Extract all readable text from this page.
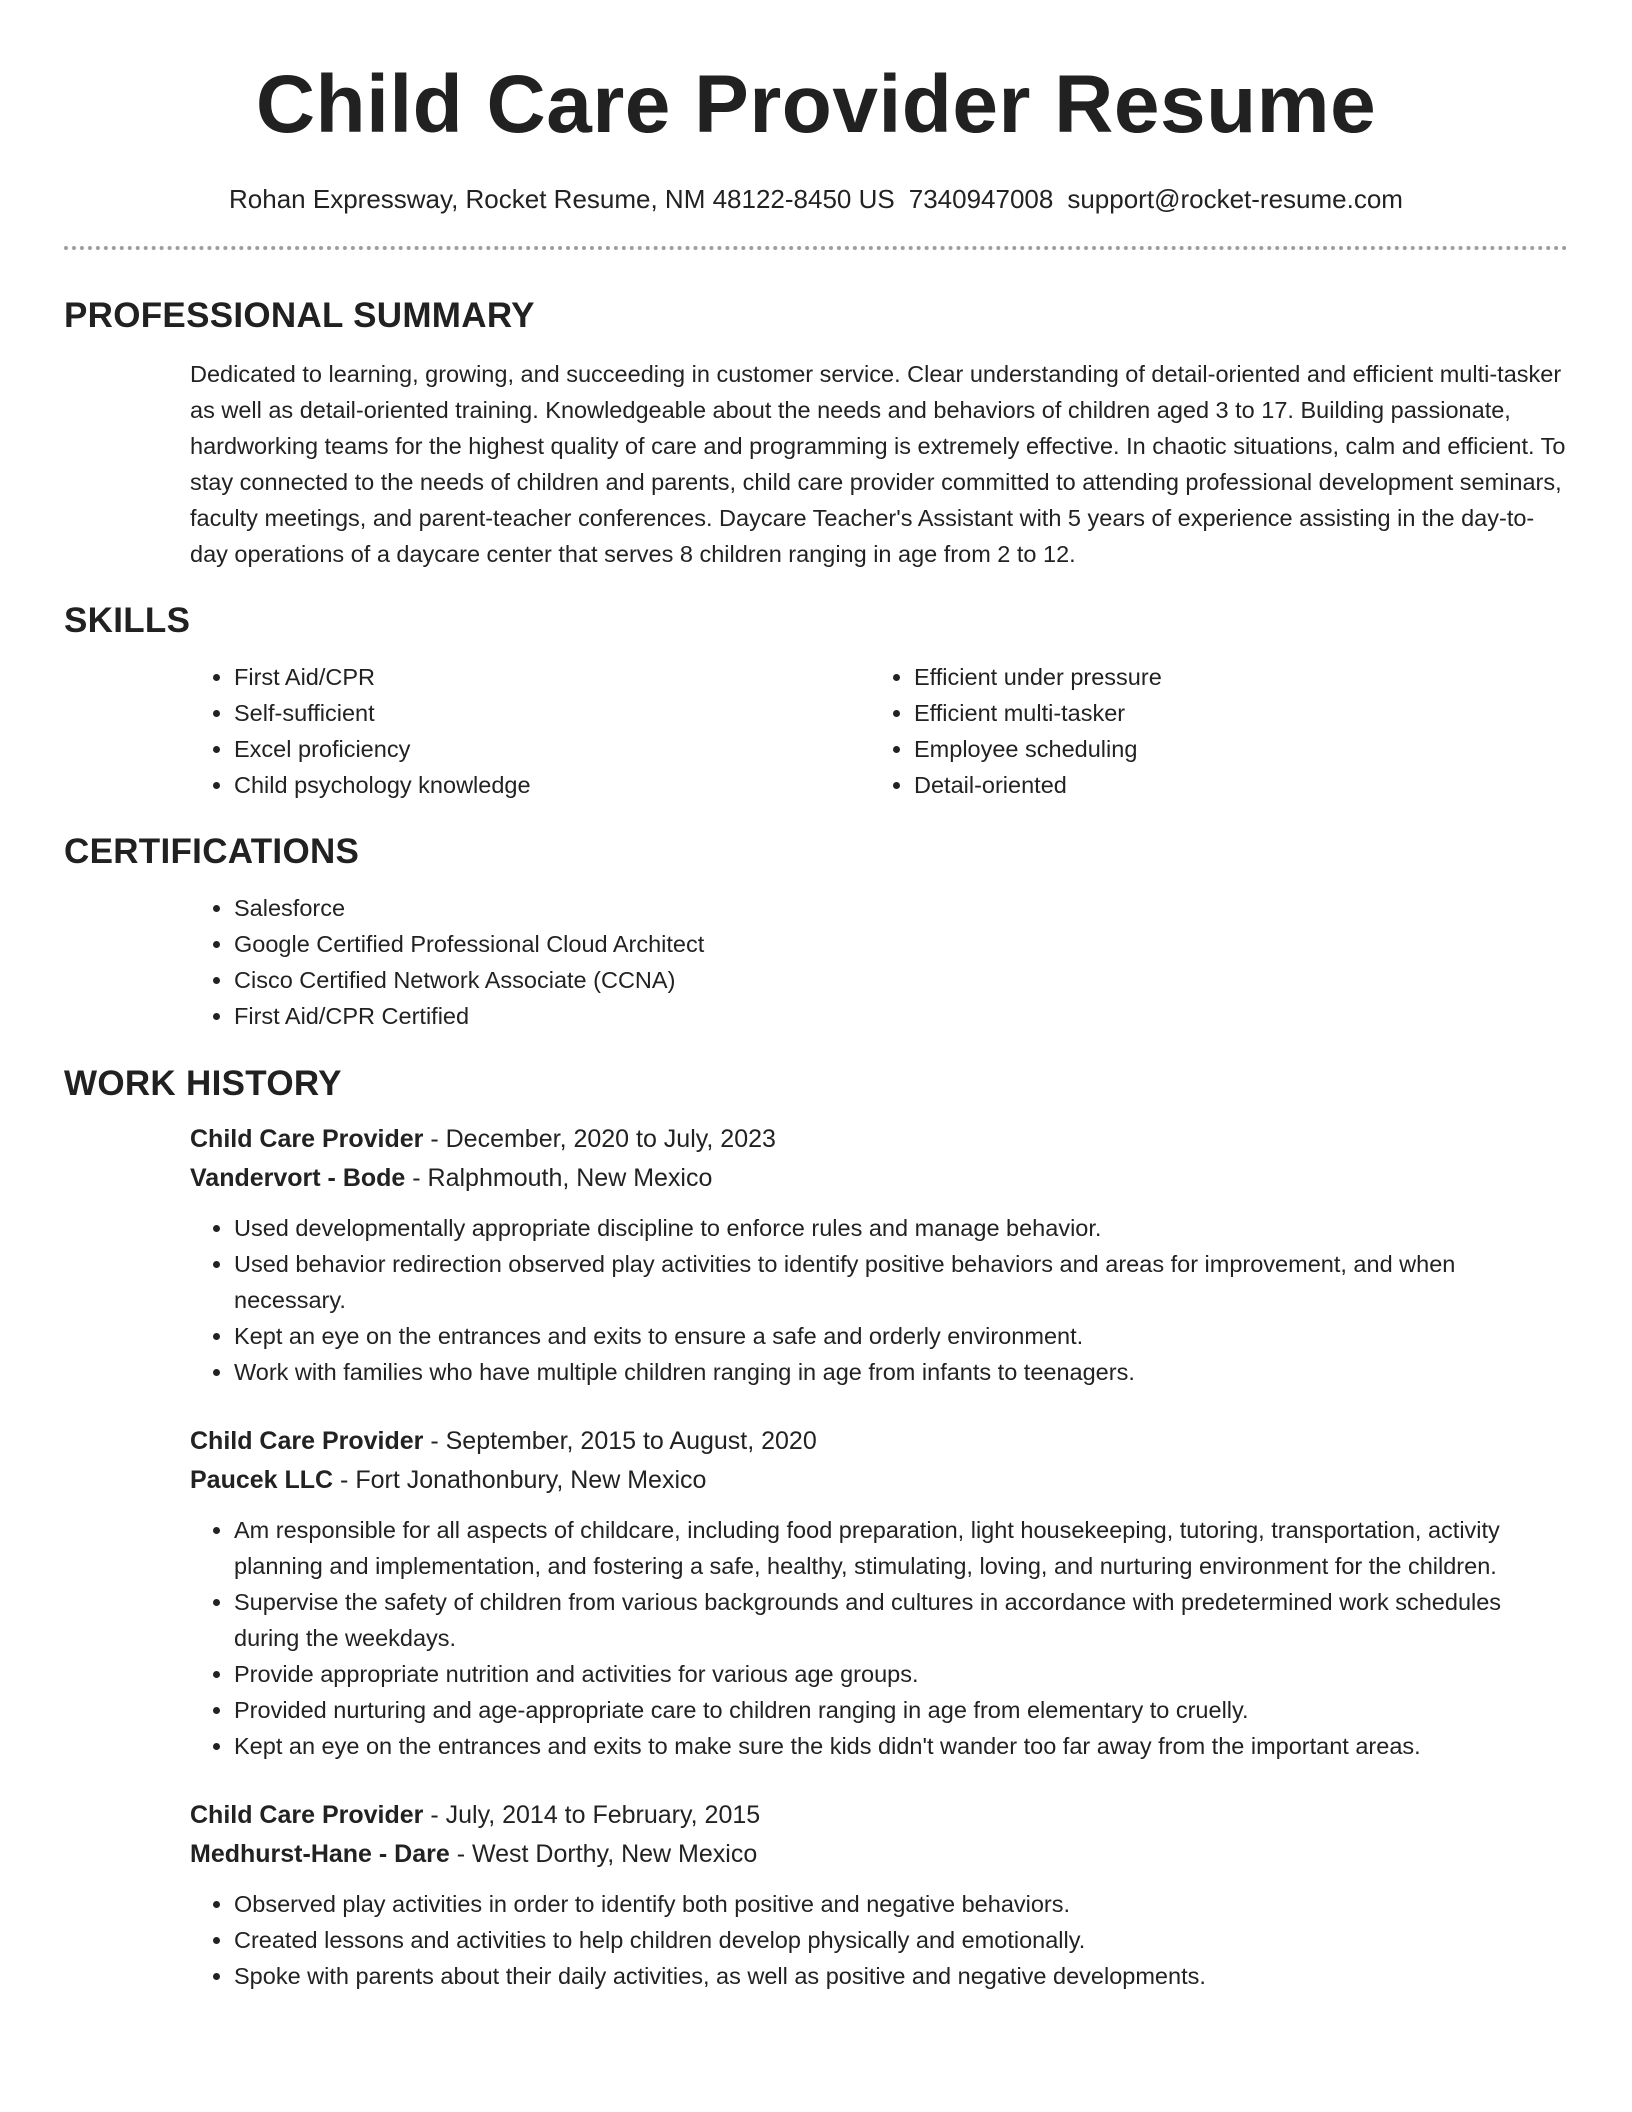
Child Care Provider Resume
Rohan Expressway, Rocket Resume, NM 48122-8450 US 7340947008 support@rocket-resume.com
PROFESSIONAL SUMMARY

Dedicated to learning, growing, and succeeding in customer service. Clear understanding of detail-oriented and efficient multi-tasker as well as detail-oriented training. Knowledgeable about the needs and behaviors of children aged 3 to 17. Building passionate, hardworking teams for the highest quality of care and programming is extremely effective. In chaotic situations, calm and efficient. To stay connected to the needs of children and parents, child care provider committed to attending professional development seminars, faculty meetings, and parent-teacher conferences. Daycare Teacher's Assistant with 5 years of experience assisting in the day-to-day operations of a daycare center that serves 8 children ranging in age from 2 to 12.

SKILLS
• First Aid/CPR
• Self-sufficient
• Excel proficiency
• Child psychology knowledge
• Efficient under pressure
• Efficient multi-tasker
• Employee scheduling
• Detail-oriented
CERTIFICATIONS
• Salesforce
• Google Certified Professional Cloud Architect
• Cisco Certified Network Associate (CCNA)
• First Aid/CPR Certified
WORK HISTORY
Child Care Provider - December, 2020 to July, 2023
Vandervort - Bode - Ralphmouth, New Mexico
• Used developmentally appropriate discipline to enforce rules and manage behavior.
• Used behavior redirection observed play activities to identify positive behaviors and areas for improvement, and when necessary.
• Kept an eye on the entrances and exits to ensure a safe and orderly environment.
• Work with families who have multiple children ranging in age from infants to teenagers.
Child Care Provider - September, 2015 to August, 2020
Paucek LLC - Fort Jonathonbury, New Mexico
• Am responsible for all aspects of childcare, including food preparation, light housekeeping, tutoring, transportation, activity planning and implementation, and fostering a safe, healthy, stimulating, loving, and nurturing environment for the children.
• Supervise the safety of children from various backgrounds and cultures in accordance with predetermined work schedules during the weekdays.
• Provide appropriate nutrition and activities for various age groups.
• Provided nurturing and age-appropriate care to children ranging in age from elementary to cruelly.
• Kept an eye on the entrances and exits to make sure the kids didn't wander too far away from the important areas.
Child Care Provider - July, 2014 to February, 2015
Medhurst-Hane - Dare - West Dorthy, New Mexico
• Observed play activities in order to identify both positive and negative behaviors.
• Created lessons and activities to help children develop physically and emotionally.
• Spoke with parents about their daily activities, as well as positive and negative developments.
